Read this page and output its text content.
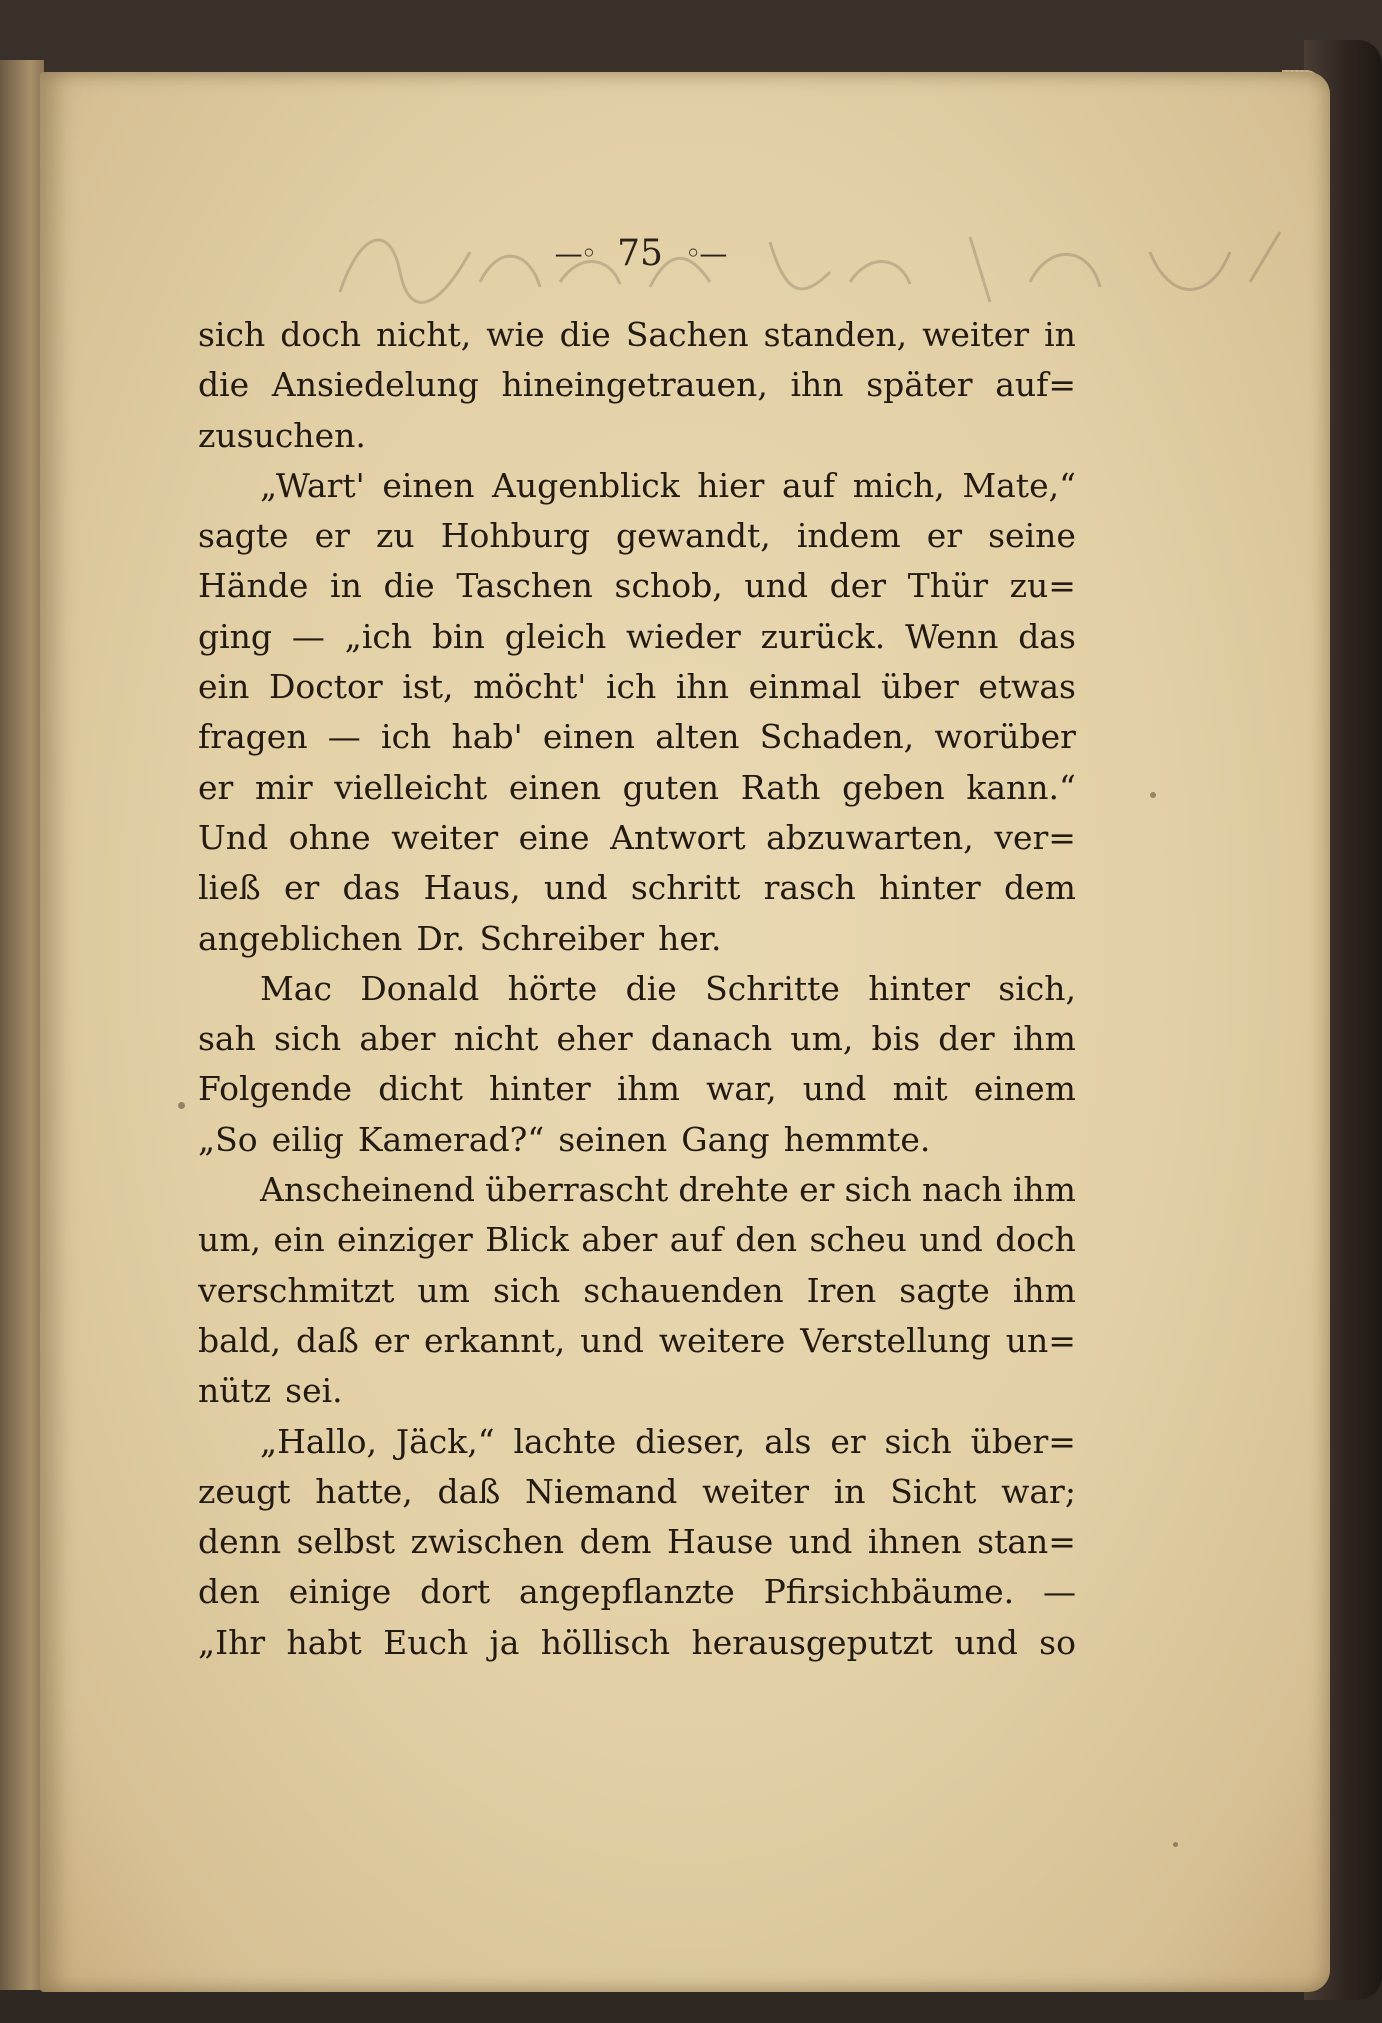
—◦ 75 ◦—
sich doch nicht, wie die Sachen standen, weiter in
die Ansiedelung hineingetrauen, ihn später auf=
zusuchen.
„Wart' einen Augenblick hier auf mich, Mate,“
sagte er zu Hohburg gewandt, indem er seine
Hände in die Taschen schob, und der Thür zu=
ging — „ich bin gleich wieder zurück. Wenn das
ein Doctor ist, möcht' ich ihn einmal über etwas
fragen — ich hab' einen alten Schaden, worüber
er mir vielleicht einen guten Rath geben kann.“
Und ohne weiter eine Antwort abzuwarten, ver=
ließ er das Haus, und schritt rasch hinter dem
angeblichen Dr. Schreiber her.
Mac Donald hörte die Schritte hinter sich,
sah sich aber nicht eher danach um, bis der ihm
Folgende dicht hinter ihm war, und mit einem
„So eilig Kamerad?“ seinen Gang hemmte.
Anscheinend überrascht drehte er sich nach ihm
um, ein einziger Blick aber auf den scheu und doch
verschmitzt um sich schauenden Iren sagte ihm
bald, daß er erkannt, und weitere Verstellung un=
nütz sei.
„Hallo, Jäck,“ lachte dieser, als er sich über=
zeugt hatte, daß Niemand weiter in Sicht war;
denn selbst zwischen dem Hause und ihnen stan=
den einige dort angepflanzte Pfirsichbäume. —
„Ihr habt Euch ja höllisch herausgeputzt und so
